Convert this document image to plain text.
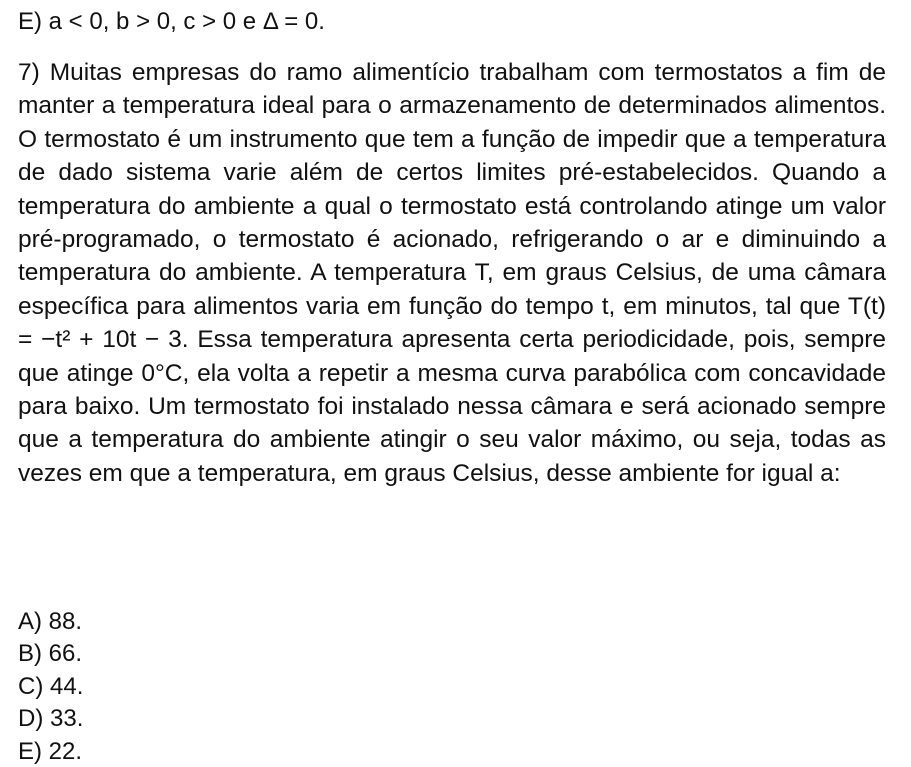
E) a < 0, b > 0, c > 0 e Δ = 0.

7) Muitas empresas do ramo alimentício trabalham com termostatos a fim de manter a temperatura ideal para o armazenamento de determinados alimentos. O termostato é um instrumento que tem a função de impedir que a temperatura de dado sistema varie além de certos limites pré-estabelecidos. Quando a temperatura do ambiente a qual o termostato está controlando atinge um valor pré-programado, o termostato é acionado, refrigerando o ar e diminuindo a temperatura do ambiente. A temperatura T, em graus Celsius, de uma câmara específica para alimentos varia em função do tempo t, em minutos, tal que T(t) = −t² + 10t − 3. Essa temperatura apresenta certa periodicidade, pois, sempre que atinge 0°C, ela volta a repetir a mesma curva parabólica com concavidade para baixo. Um termostato foi instalado nessa câmara e será acionado sempre que a temperatura do ambiente atingir o seu valor máximo, ou seja, todas as vezes em que a temperatura, em graus Celsius, desse ambiente for igual a:

A) 88.
B) 66.
C) 44.
D) 33.
E) 22.
